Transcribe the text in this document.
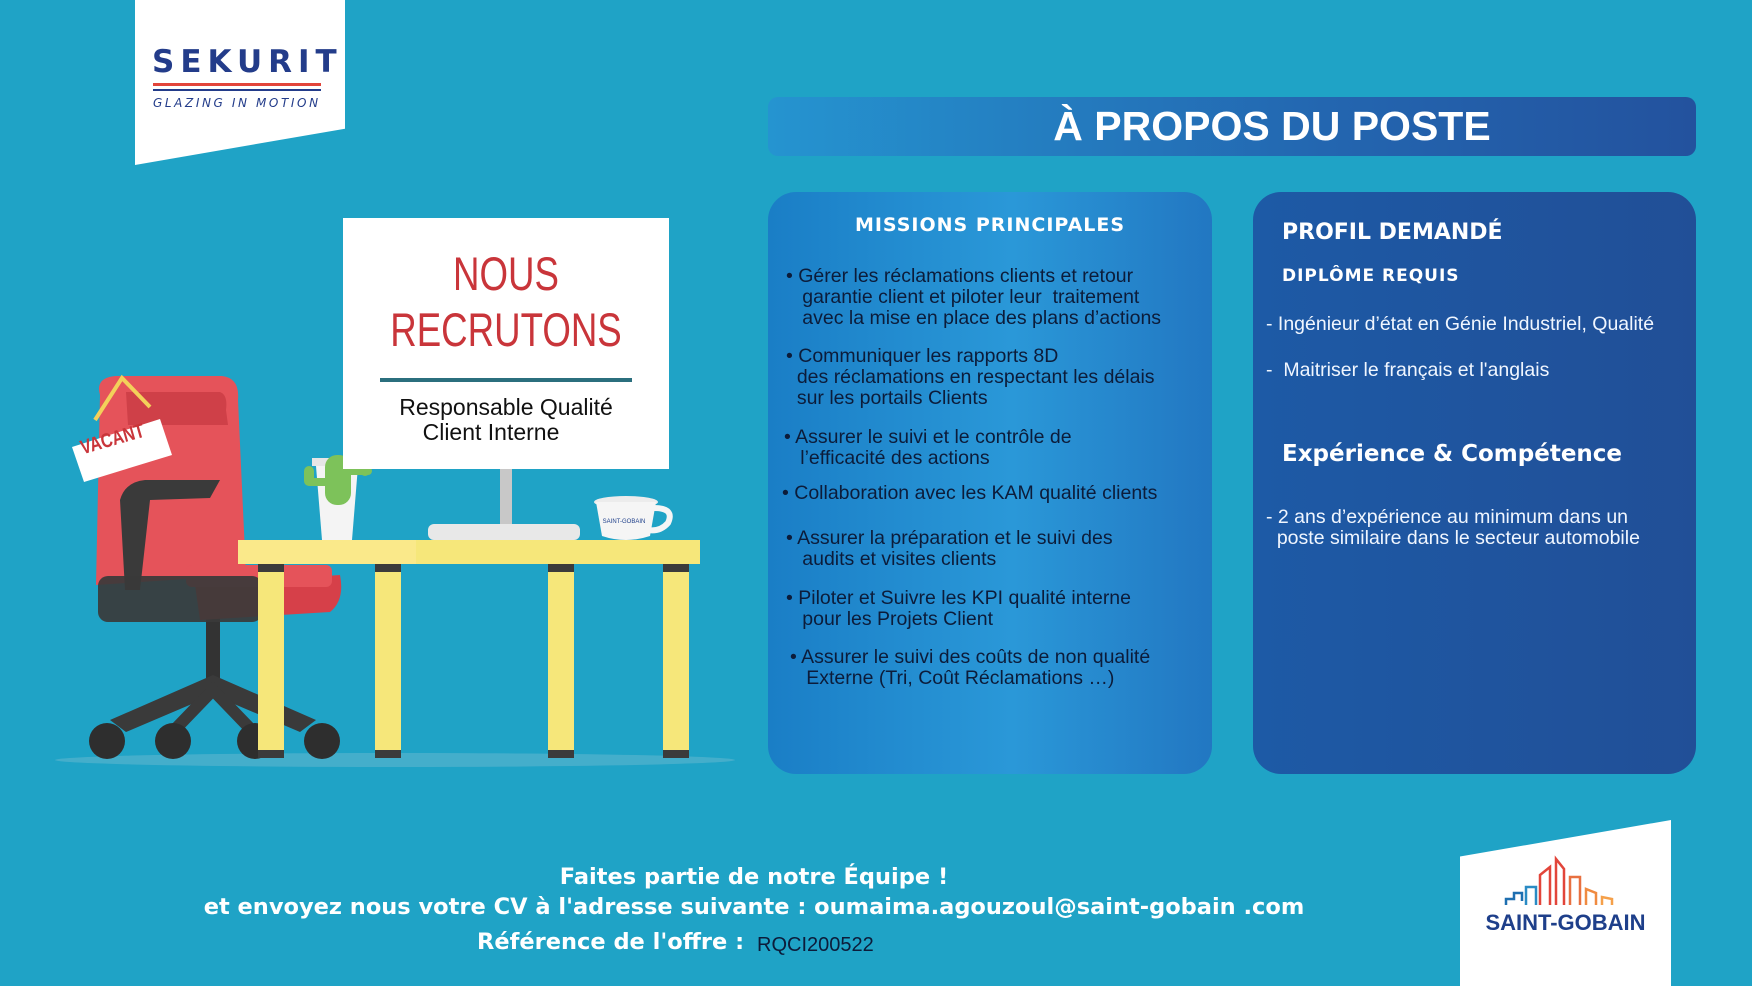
SEKURIT
GLAZING IN MOTION	À PROPOS DU POSTE
SAINT-GOBAIN
VACANT
NOUS
RECRUTONS
Responsable Qualité
Client Interne
MISSIONS PRINCIPALES
• Gérer les réclamations clients et retour
garantie client et piloter leur  traitement
avec la mise en place des plans d’actions
• Communiquer les rapports 8D
des réclamations en respectant les délais
sur les portails Clients
• Assurer le suivi et le contrôle de
l’efficacité des actions
• Collaboration avec les KAM qualité clients
• Assurer la préparation et le suivi des
audits et visites clients
• Piloter et Suivre les KPI qualité interne
pour les Projets Client
• Assurer le suivi des coûts de non qualité
Externe (Tri, Coût Réclamations …)
PROFIL DEMANDÉ
DIPLÔME REQUIS
- Ingénieur d’état en Génie Industriel, Qualité
-  Maitriser le français et l'anglais
Expérience & Compétence
- 2 ans d’expérience au minimum dans un
poste similaire dans le secteur automobile
Faites partie de notre Équipe !
et envoyez nous votre CV à l'adresse suivante : oumaima.agouzoul@saint-gobain .com
Référence de l'offre : RQCI200522
SAINT-GOBAIN
